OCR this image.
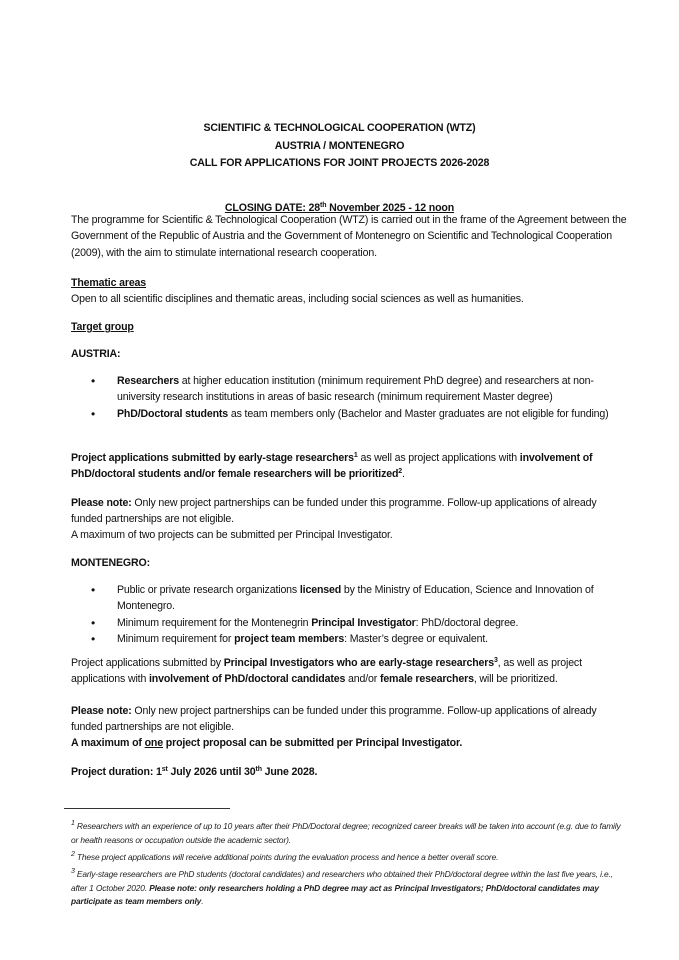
SCIENTIFIC & TECHNOLOGICAL COOPERATION (WTZ)
AUSTRIA / MONTENEGRO
CALL FOR APPLICATIONS FOR JOINT PROJECTS 2026-2028
CLOSING DATE: 28th November 2025 - 12 noon
The programme for Scientific & Technological Cooperation (WTZ) is carried out in the frame of the Agreement between the Government of the Republic of Austria and the Government of Montenegro on Scientific and Technological Cooperation (2009), with the aim to stimulate international research cooperation.
Thematic areas
Open to all scientific disciplines and thematic areas, including social sciences as well as humanities.
Target group
AUSTRIA:
• Researchers at higher education institution (minimum requirement PhD degree) and researchers at non-university research institutions in areas of basic research (minimum requirement Master degree)
• PhD/Doctoral students as team members only (Bachelor and Master graduates are not eligible for funding)
Project applications submitted by early-stage researchers$^1$ as well as project applications with involvement of PhD/doctoral students and/or female researchers will be prioritized$^2$.
Please note: Only new project partnerships can be funded under this programme. Follow-up applications of already funded partnerships are not eligible.
A maximum of two projects can be submitted per Principal Investigator.
MONTENEGRO:
• Public or private research organizations licensed by the Ministry of Education, Science and Innovation of Montenegro.
• Minimum requirement for the Montenegrin Principal Investigator: PhD/doctoral degree.
• Minimum requirement for project team members: Master’s degree or equivalent.
Project applications submitted by Principal Investigators who are early-stage researchers$^3$, as well as project applications with involvement of PhD/doctoral candidates and/or female researchers, will be prioritized.
Please note: Only new project partnerships can be funded under this programme. Follow-up applications of already funded partnerships are not eligible.
A maximum of one project proposal can be submitted per Principal Investigator.
Project duration: 1st July 2026 until 30th June 2028.
$^1$ Researchers with an experience of up to 10 years after their PhD/Doctoral degree; recognized career breaks will be taken into account (e.g. due to family or health reasons or occupation outside the academic sector).
$^2$ These project applications will receive additional points during the evaluation process and hence a better overall score.
$^3$ Early-stage researchers are PhD students (doctoral candidates) and researchers who obtained their PhD/doctoral degree within the last five years, i.e., after 1 October 2020. Please note: only researchers holding a PhD degree may act as Principal Investigators; PhD/doctoral candidates may participate as team members only.
